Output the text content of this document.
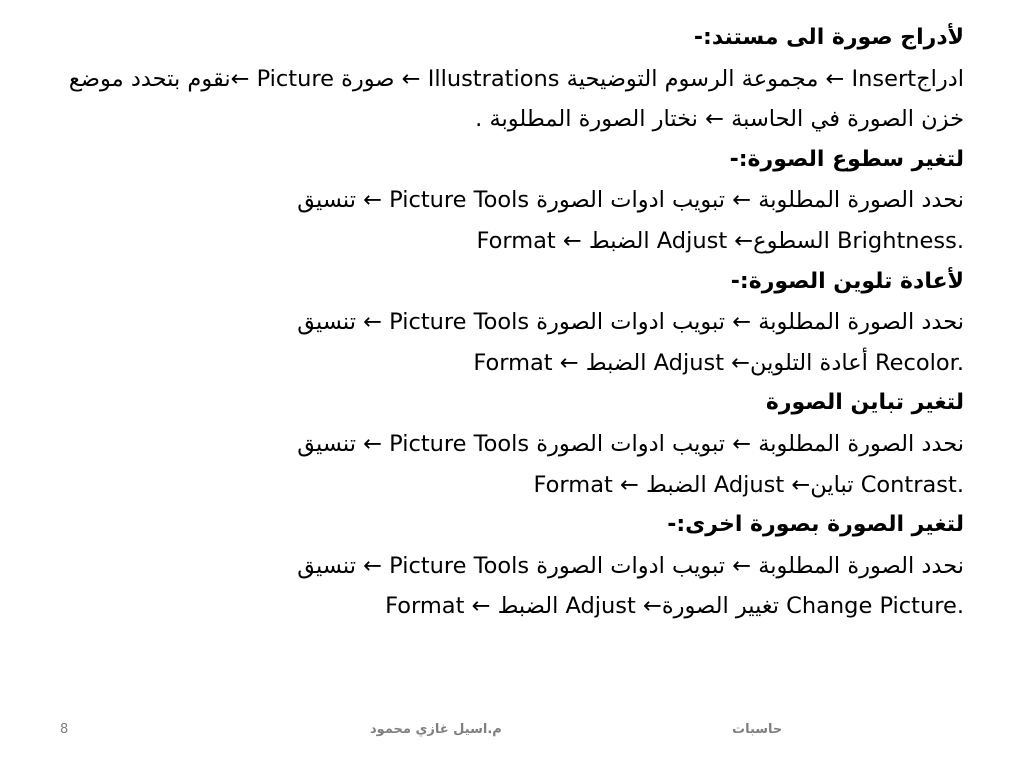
لأدراج صورة الى مستند:-
ادراجInsert ← مجموعة الرسوم التوضيحية Illustrations ← صورة Picture ←نقوم بتحدد موضع خزن الصورة في الحاسبة ← نختار الصورة المطلوبة .
لتغير سطوع الصورة:-
نحدد الصورة المطلوبة ← تبويب ادوات الصورة Picture Tools ← تنسيق
Format ← الضبط Adjust ←السطوع Brightness.
لأعادة تلوين الصورة:-
نحدد الصورة المطلوبة ← تبويب ادوات الصورة Picture Tools ← تنسيق
Format ← الضبط Adjust ←أعادة التلوين Recolor.
لتغير تباين الصورة
نحدد الصورة المطلوبة ← تبويب ادوات الصورة Picture Tools ← تنسيق
Format ← الضبط Adjust ←تباين Contrast.
لتغير الصورة بصورة اخرى:-
نحدد الصورة المطلوبة ← تبويب ادوات الصورة Picture Tools ← تنسيق
Format ← الضبط Adjust ←تغيير الصورة Change Picture.
حاسبات
م.اسيل غازي محمود
8
